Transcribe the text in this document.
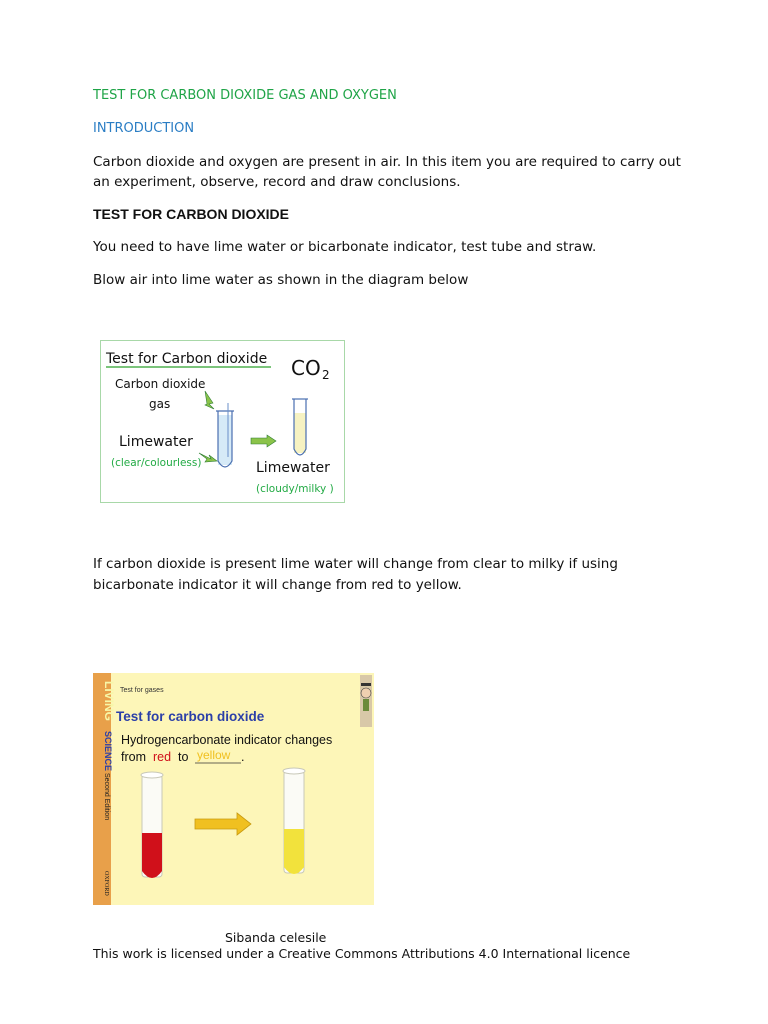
TEST FOR CARBON DIOXIDE GAS AND OXYGEN
INTRODUCTION
Carbon dioxide and oxygen are present in air. In this item you are required to carry out an experiment, observe, record and draw conclusions.
TEST FOR CARBON DIOXIDE
You need to have lime water or bicarbonate indicator, test tube and straw.
Blow air into lime water as shown in the diagram below
Test for Carbon dioxide CO 2
Carbon dioxide
gas
Limewater
(clear/colourless)	Limewater
(cloudy/milky )
If carbon dioxide is present lime water will change from clear to milky if using bicarbonate indicator it will change from red to yellow.
LIVING
SCIENCE
Second Edition
OXFORD
Test for gases
Test for carbon dioxide
Hydrogencarbonate indicator changes
from red to yellow .
Sibanda celesile
This work is licensed under a Creative Commons Attributions 4.0 International licence
